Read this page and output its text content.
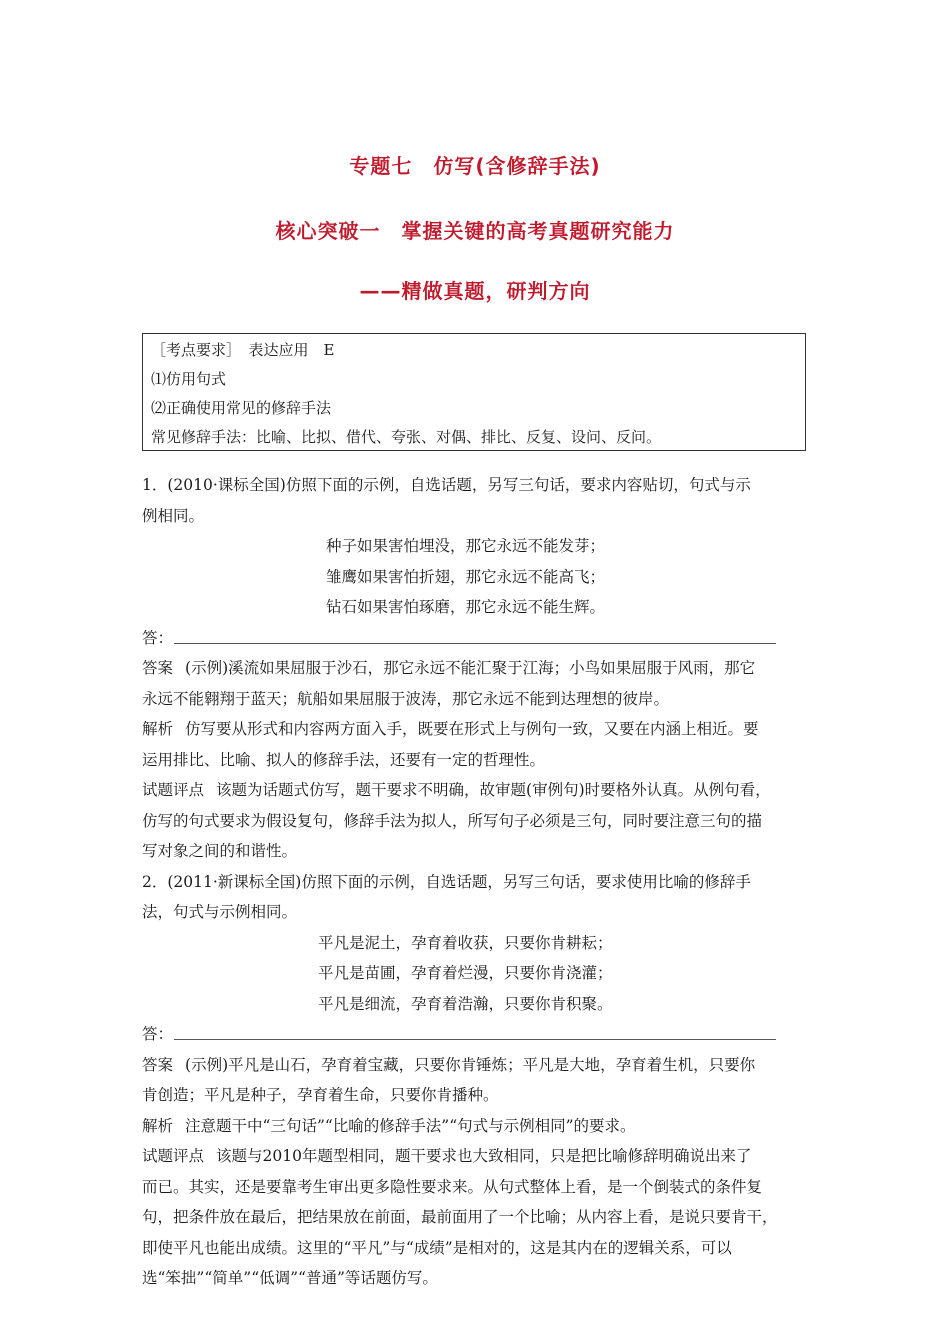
专题七　仿写(含修辞手法)
核心突破一　掌握关键的高考真题研究能力
——精做真题，研判方向
［考点要求］　表达应用　E
⑴仿用句式
⑵正确使用常见的修辞手法
常见修辞手法：比喻、比拟、借代、夸张、对偶、排比、反复、设问、反问。
1．(2010·课标全国)仿照下面的示例，自选话题，另写三句话，要求内容贴切，句式与示
例相同。
种子如果害怕埋没，那它永远不能发芽；
雏鹰如果害怕折翅，那它永远不能高飞；
钻石如果害怕琢磨，那它永远不能生辉。
答：
答案 (示例)溪流如果屈服于沙石，那它永远不能汇聚于江海；小鸟如果屈服于风雨，那它
永远不能翱翔于蓝天；航船如果屈服于波涛，那它永远不能到达理想的彼岸。
解析 仿写要从形式和内容两方面入手，既要在形式上与例句一致，又要在内涵上相近。要
运用排比、比喻、拟人的修辞手法，还要有一定的哲理性。
试题评点 该题为话题式仿写，题干要求不明确，故审题(审例句)时要格外认真。从例句看，
仿写的句式要求为假设复句，修辞手法为拟人，所写句子必须是三句，同时要注意三句的描
写对象之间的和谐性。
2．(2011·新课标全国)仿照下面的示例，自选话题，另写三句话，要求使用比喻的修辞手
法，句式与示例相同。
平凡是泥土，孕育着收获，只要你肯耕耘；
平凡是苗圃，孕育着烂漫，只要你肯浇灌；
平凡是细流，孕育着浩瀚，只要你肯积聚。
答：
答案 (示例)平凡是山石，孕育着宝藏，只要你肯锤炼；平凡是大地，孕育着生机，只要你
肯创造；平凡是种子，孕育着生命，只要你肯播种。
解析 注意题干中“三句话”“比喻的修辞手法”“句式与示例相同”的要求。
试题评点 该题与2010年题型相同，题干要求也大致相同，只是把比喻修辞明确说出来了
而已。其实，还是要靠考生审出更多隐性要求来。从句式整体上看，是一个倒装式的条件复
句，把条件放在最后，把结果放在前面，最前面用了一个比喻；从内容上看，是说只要肯干，
即使平凡也能出成绩。这里的“平凡”与“成绩”是相对的，这是其内在的逻辑关系，可以
选“笨拙”“简单”“低调”“普通”等话题仿写。
